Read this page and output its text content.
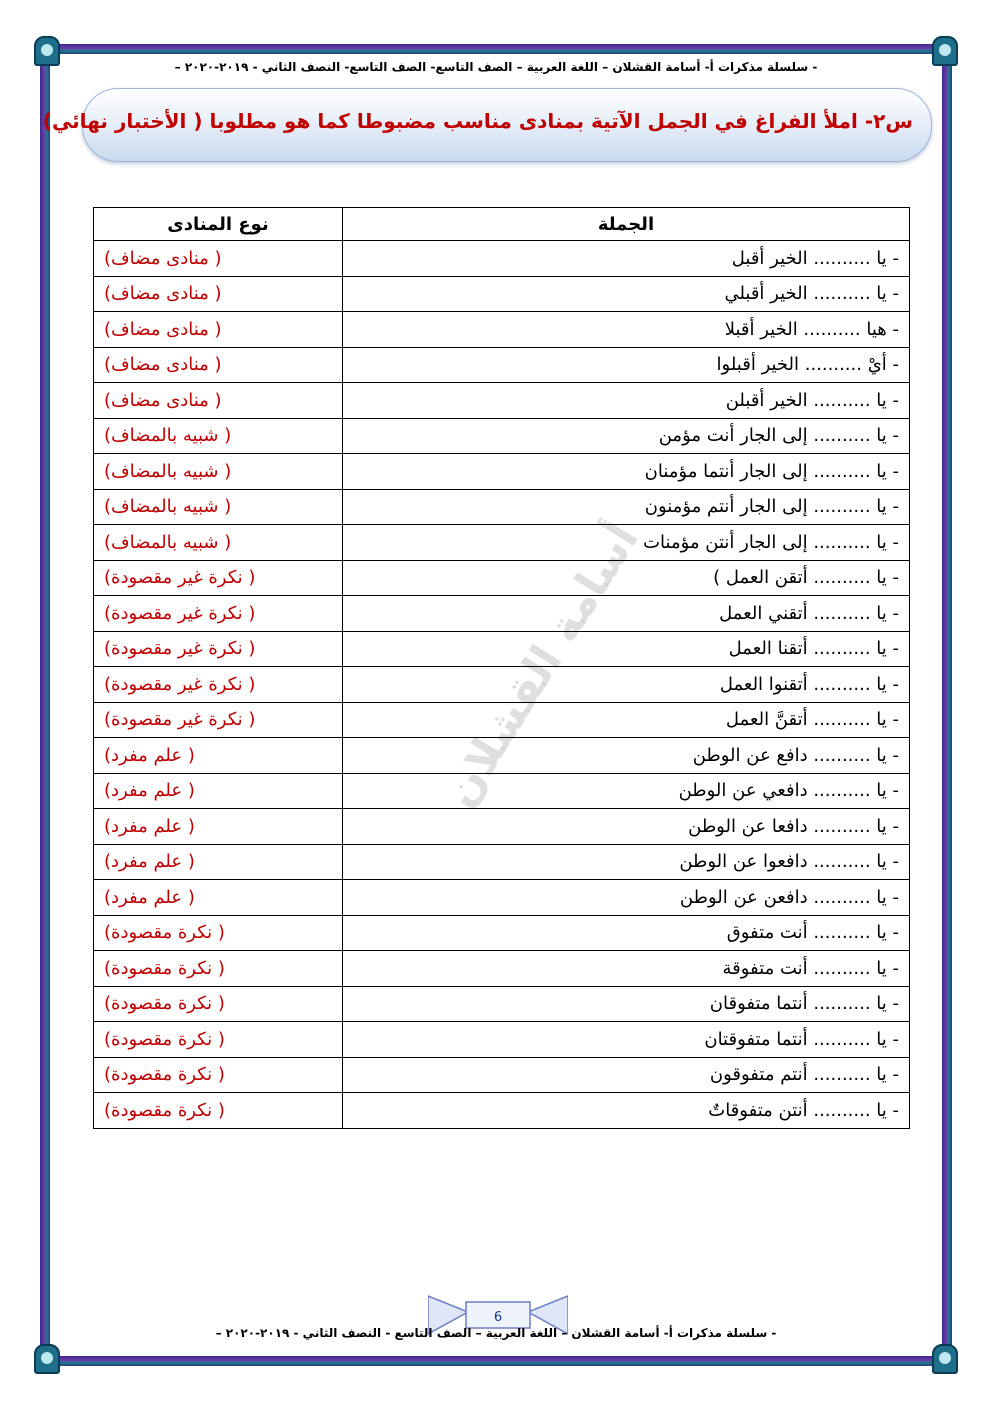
- سلسلة مذكرات أ- أسامة القشلان – اللغة العربية – الصف التاسع- الصف التاسع- النصف الثاني - ٢٠١٩-٢٠٢٠ –
س٢- املأ الفراغ في الجمل الآتية بمنادى مناسب مضبوطا كما هو مطلوبا ( الأختبار نهائي)
أسامة القشلان
الجملة	نوع المنادى
- يا .......... الخير أقبل	( منادى مضاف)
- يا .......... الخير أقبلي	( منادى مضاف)
- هيا .......... الخير أقبلا	( منادى مضاف)
- أيْ .......... الخير أقبلوا	( منادى مضاف)
- يا .......... الخير أقبلن	( منادى مضاف)
- يا .......... إلى الجار أنت مؤمن	( شبيه بالمضاف)
- يا .......... إلى الجار أنتما مؤمنان	( شبيه بالمضاف)
- يا .......... إلى الجار أنتم مؤمنون	( شبيه بالمضاف)
- يا .......... إلى الجار أنتن مؤمنات	( شبيه بالمضاف)
- يا .......... أتقن العمل )	( نكرة غير مقصودة)
- يا .......... أتقني العمل	( نكرة غير مقصودة)
- يا .......... أتقنا العمل	( نكرة غير مقصودة)
- يا .......... أتقنوا العمل	( نكرة غير مقصودة)
- يا .......... أتقنَّ العمل	( نكرة غير مقصودة)
- يا .......... دافع عن الوطن	( علم مفرد)
- يا .......... دافعي عن الوطن	( علم مفرد)
- يا .......... دافعا عن الوطن	( علم مفرد)
- يا .......... دافعوا عن الوطن	( علم مفرد)
- يا .......... دافعن عن الوطن	( علم مفرد)
- يا .......... أنت متفوق	( نكرة مقصودة)
- يا .......... أنت متفوقة	( نكرة مقصودة)
- يا .......... أنتما متفوقان	( نكرة مقصودة)
- يا .......... أنتما متفوقتان	( نكرة مقصودة)
- يا .......... أنتم متفوقون	( نكرة مقصودة)
- يا .......... أنتن متفوقاتٌ	( نكرة مقصودة)
6
- سلسلة مذكرات أ- أسامة القشلان – اللغة العربية – الصف التاسع - النصف الثاني - ٢٠١٩-٢٠٢٠ –
